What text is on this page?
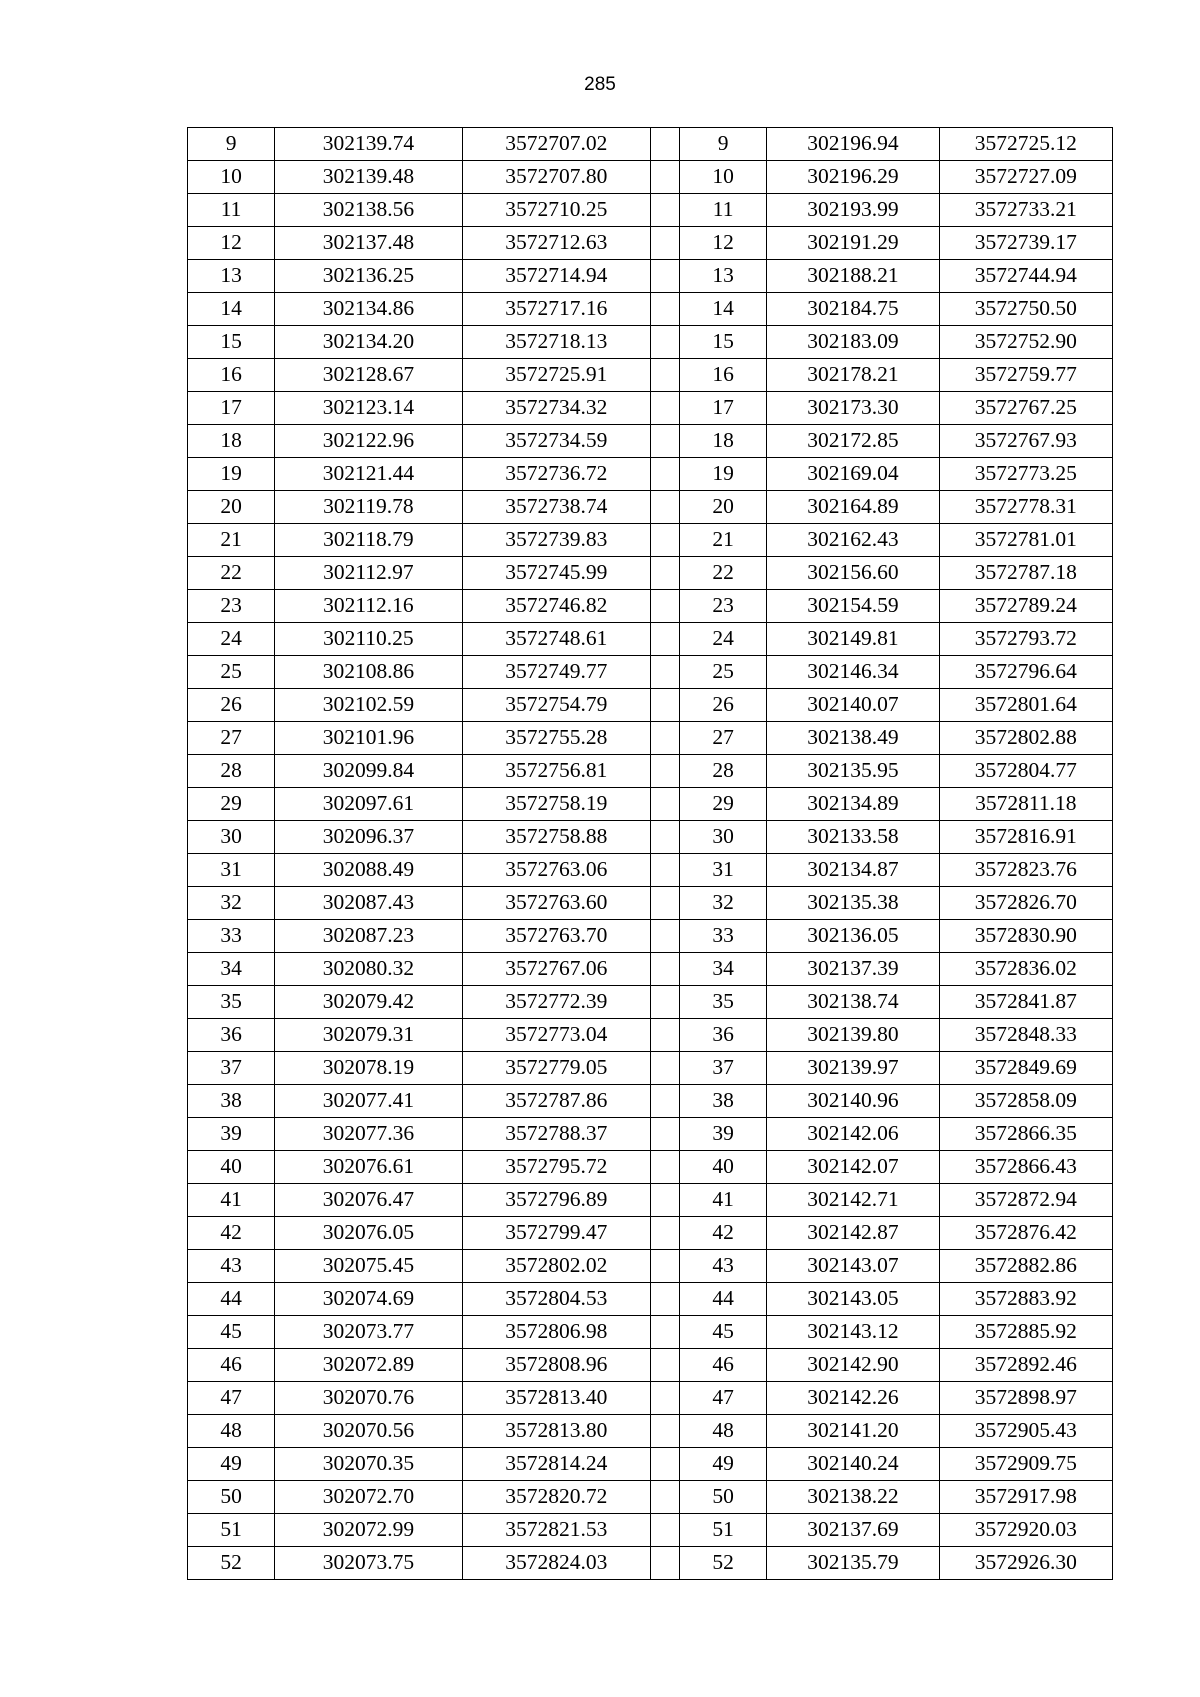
285
9	302139.74	3572707.02		9	302196.94	3572725.12
10	302139.48	3572707.80		10	302196.29	3572727.09
11	302138.56	3572710.25		11	302193.99	3572733.21
12	302137.48	3572712.63		12	302191.29	3572739.17
13	302136.25	3572714.94		13	302188.21	3572744.94
14	302134.86	3572717.16		14	302184.75	3572750.50
15	302134.20	3572718.13		15	302183.09	3572752.90
16	302128.67	3572725.91		16	302178.21	3572759.77
17	302123.14	3572734.32		17	302173.30	3572767.25
18	302122.96	3572734.59		18	302172.85	3572767.93
19	302121.44	3572736.72		19	302169.04	3572773.25
20	302119.78	3572738.74		20	302164.89	3572778.31
21	302118.79	3572739.83		21	302162.43	3572781.01
22	302112.97	3572745.99		22	302156.60	3572787.18
23	302112.16	3572746.82		23	302154.59	3572789.24
24	302110.25	3572748.61		24	302149.81	3572793.72
25	302108.86	3572749.77		25	302146.34	3572796.64
26	302102.59	3572754.79		26	302140.07	3572801.64
27	302101.96	3572755.28		27	302138.49	3572802.88
28	302099.84	3572756.81		28	302135.95	3572804.77
29	302097.61	3572758.19		29	302134.89	3572811.18
30	302096.37	3572758.88		30	302133.58	3572816.91
31	302088.49	3572763.06		31	302134.87	3572823.76
32	302087.43	3572763.60		32	302135.38	3572826.70
33	302087.23	3572763.70		33	302136.05	3572830.90
34	302080.32	3572767.06		34	302137.39	3572836.02
35	302079.42	3572772.39		35	302138.74	3572841.87
36	302079.31	3572773.04		36	302139.80	3572848.33
37	302078.19	3572779.05		37	302139.97	3572849.69
38	302077.41	3572787.86		38	302140.96	3572858.09
39	302077.36	3572788.37		39	302142.06	3572866.35
40	302076.61	3572795.72		40	302142.07	3572866.43
41	302076.47	3572796.89		41	302142.71	3572872.94
42	302076.05	3572799.47		42	302142.87	3572876.42
43	302075.45	3572802.02		43	302143.07	3572882.86
44	302074.69	3572804.53		44	302143.05	3572883.92
45	302073.77	3572806.98		45	302143.12	3572885.92
46	302072.89	3572808.96		46	302142.90	3572892.46
47	302070.76	3572813.40		47	302142.26	3572898.97
48	302070.56	3572813.80		48	302141.20	3572905.43
49	302070.35	3572814.24		49	302140.24	3572909.75
50	302072.70	3572820.72		50	302138.22	3572917.98
51	302072.99	3572821.53		51	302137.69	3572920.03
52	302073.75	3572824.03		52	302135.79	3572926.30
